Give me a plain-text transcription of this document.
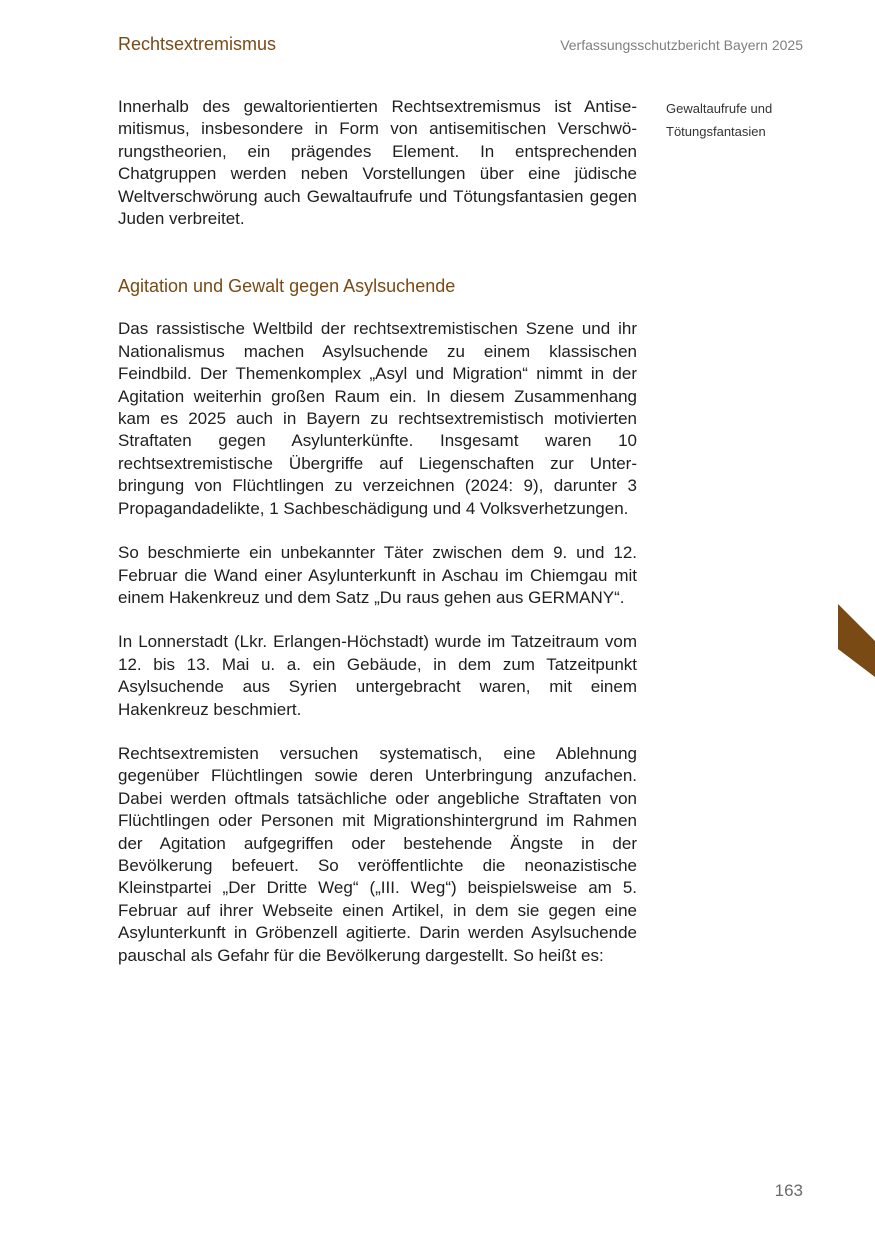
Rechtsextremismus	Verfassungsschutzbericht Bayern 2025

Innerhalb des gewaltorientierten Rechtsextremismus ist Antisemitismus, insbesondere in Form von antisemitischen Verschwörungstheorien, ein prägendes Element. In entsprechenden Chatgruppen werden neben Vorstellungen über eine jüdische Weltverschwörung auch Gewaltaufrufe und Tötungsfantasien gegen Juden verbreitet.

Agitation und Gewalt gegen Asylsuchende

Das rassistische Weltbild der rechtsextremistischen Szene und ihr Nationalismus machen Asylsuchende zu einem klassischen Feindbild. Der Themenkomplex „Asyl und Migration“ nimmt in der Agitation weiterhin großen Raum ein. In diesem Zusammenhang kam es 2025 auch in Bayern zu rechtsextremistisch motivierten Straftaten gegen Asylunterkünfte. Insgesamt waren 10 rechtsextremistische Übergriffe auf Liegenschaften zur Unterbringung von Flüchtlingen zu verzeichnen (2024: 9), darunter 3 Propagandadelikte, 1 Sachbeschädigung und 4 Volksverhetzungen.

So beschmierte ein unbekannter Täter zwischen dem 9. und 12. Februar die Wand einer Asylunterkunft in Aschau im Chiemgau mit einem Hakenkreuz und dem Satz „Du raus gehen aus GERMANY“.

In Lonnerstadt (Lkr. Erlangen-Höchstadt) wurde im Tatzeitraum vom 12. bis 13. Mai u. a. ein Gebäude, in dem zum Tatzeitpunkt Asylsuchende aus Syrien untergebracht waren, mit einem Hakenkreuz beschmiert.

Rechtsextremisten versuchen systematisch, eine Ablehnung gegenüber Flüchtlingen sowie deren Unterbringung anzufachen. Dabei werden oftmals tatsächliche oder angebliche Straftaten von Flüchtlingen oder Personen mit Migrationshintergrund im Rahmen der Agitation aufgegriffen oder bestehende Ängste in der Bevölkerung befeuert. So veröffentlichte die neonazistische Kleinstpartei „Der Dritte Weg“ („III. Weg“) beispielsweise am 5. Februar auf ihrer Webseite einen Artikel, in dem sie gegen eine Asylunterkunft in Gröbenzell agitierte. Darin werden Asylsuchende pauschal als Gefahr für die Bevölkerung dargestellt. So heißt es:

Gewaltaufrufe und
Tötungsfantasien
163
